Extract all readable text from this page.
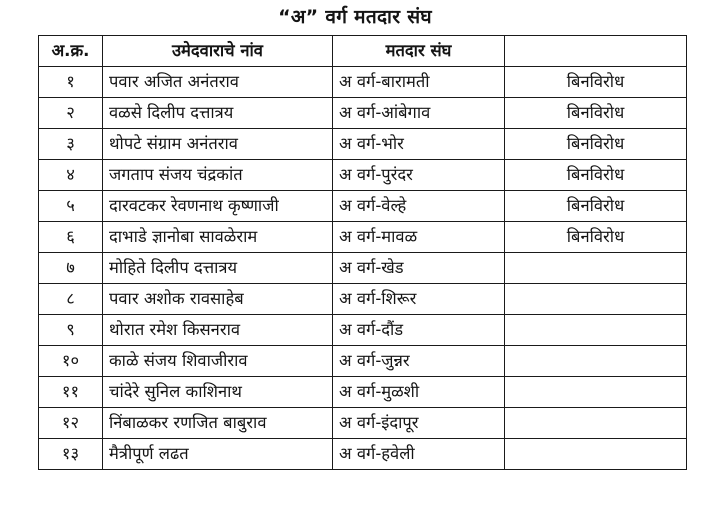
“अ” वर्ग मतदार संघ
अ.क्र.	उमेदवाराचे नांव	मतदार संघ	
१	पवार अजित अनंतराव	अ वर्ग-बारामती	बिनविरोध
२	वळसे दिलीप दत्तात्रय	अ वर्ग-आंबेगाव	बिनविरोध
३	थोपटे संग्राम अनंतराव	अ वर्ग-भोर	बिनविरोध
४	जगताप संजय चंद्रकांत	अ वर्ग-पुरंदर	बिनविरोध
५	दारवटकर रेवणनाथ कृष्णाजी	अ वर्ग-वेल्हे	बिनविरोध
६	दाभाडे ज्ञानोबा सावळेराम	अ वर्ग-मावळ	बिनविरोध
७	मोहिते दिलीप दत्तात्रय	अ वर्ग-खेड	
८	पवार अशोक रावसाहेब	अ वर्ग-शिरूर	
९	थोरात रमेश किसनराव	अ वर्ग-दौंड	
१०	काळे संजय शिवाजीराव	अ वर्ग-जुन्नर	
११	चांदेरे सुनिल काशिनाथ	अ वर्ग-मुळशी	
१२	निंबाळकर रणजित बाबुराव	अ वर्ग-इंदापूर	
१३	मैत्रीपूर्ण लढत	अ वर्ग-हवेली	
